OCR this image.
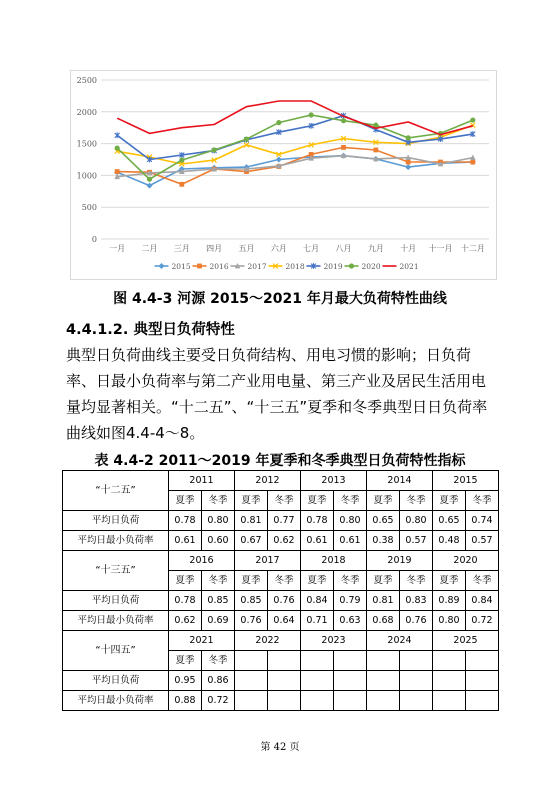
0
500
1000
1500
2000
2500
一月 二月 三月 四月 五月 六月 七月 八月 九月 十月 十一月 十二月
2015	2016	2017	2018	2019	2020	2021
图 4.4-3 河源 2015～2021 年月最大负荷特性曲线
4.4.1.2. 典型日负荷特性

典型日负荷曲线主要受日负荷结构、用电习惯的影响；日负荷率、日最小负荷率与第二产业用电量、第三产业及居民生活用电量均显著相关。“十二五”、“十三五”夏季和冬季典型日日负荷率曲线如图4.4-4～8。

表 4.4-2 2011～2019 年夏季和冬季典型日负荷特性指标
“十二五”	2011		2012		2013		2014		2015	
	夏季	冬季	夏季	冬季	夏季	冬季	夏季	冬季	夏季	冬季
平均日负荷	0.78	0.80	0.81	0.77	0.78	0.80	0.65	0.80	0.65	0.74
平均日最小负荷率	0.61	0.60	0.67	0.62	0.61	0.61	0.38	0.57	0.48	0.57
“十三五”	2016		2017		2018		2019		2020	
	夏季	冬季	夏季	冬季	夏季	冬季	夏季	冬季	夏季	冬季
平均日负荷	0.78	0.85	0.85	0.76	0.84	0.79	0.81	0.83	0.89	0.84
平均日最小负荷率	0.62	0.69	0.76	0.64	0.71	0.63	0.68	0.76	0.80	0.72
“十四五”	2021		2022		2023		2024		2025	
	夏季	冬季								
平均日负荷	0.95	0.86								
平均日最小负荷率	0.88	0.72								
第 42 页
